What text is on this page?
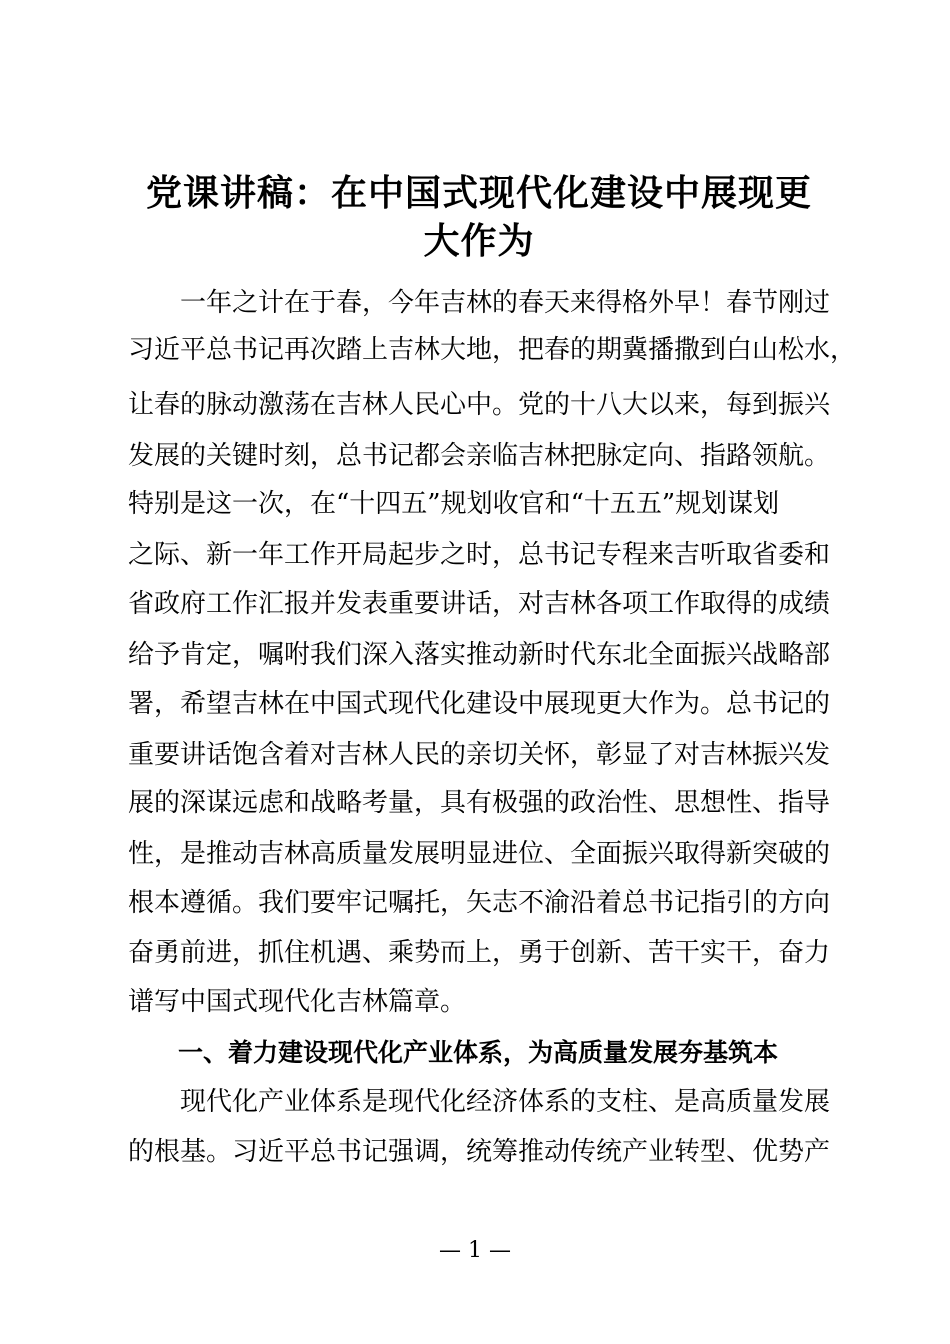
党课讲稿：在中国式现代化建设中展现更大作为
一年之计在于春，今年吉林的春天来得格外早！春节刚过
习近平总书记再次踏上吉林大地，把春的期冀播撒到白山松水，
让春的脉动激荡在吉林人民心中。党的十八大以来，每到振兴
发展的关键时刻，总书记都会亲临吉林把脉定向、指路领航。
特别是这一次，在“十四五”规划收官和“十五五”规划谋划
之际、新一年工作开局起步之时，总书记专程来吉听取省委和
省政府工作汇报并发表重要讲话，对吉林各项工作取得的成绩
给予肯定，嘱咐我们深入落实推动新时代东北全面振兴战略部
署，希望吉林在中国式现代化建设中展现更大作为。总书记的
重要讲话饱含着对吉林人民的亲切关怀，彰显了对吉林振兴发
展的深谋远虑和战略考量，具有极强的政治性、思想性、指导
性，是推动吉林高质量发展明显进位、全面振兴取得新突破的
根本遵循。我们要牢记嘱托，矢志不渝沿着总书记指引的方向
奋勇前进，抓住机遇、乘势而上，勇于创新、苦干实干，奋力
谱写中国式现代化吉林篇章。
一、着力建设现代化产业体系，为高质量发展夯基筑本
现代化产业体系是现代化经济体系的支柱、是高质量发展
的根基。习近平总书记强调，统筹推动传统产业转型、优势产
— 1 —
